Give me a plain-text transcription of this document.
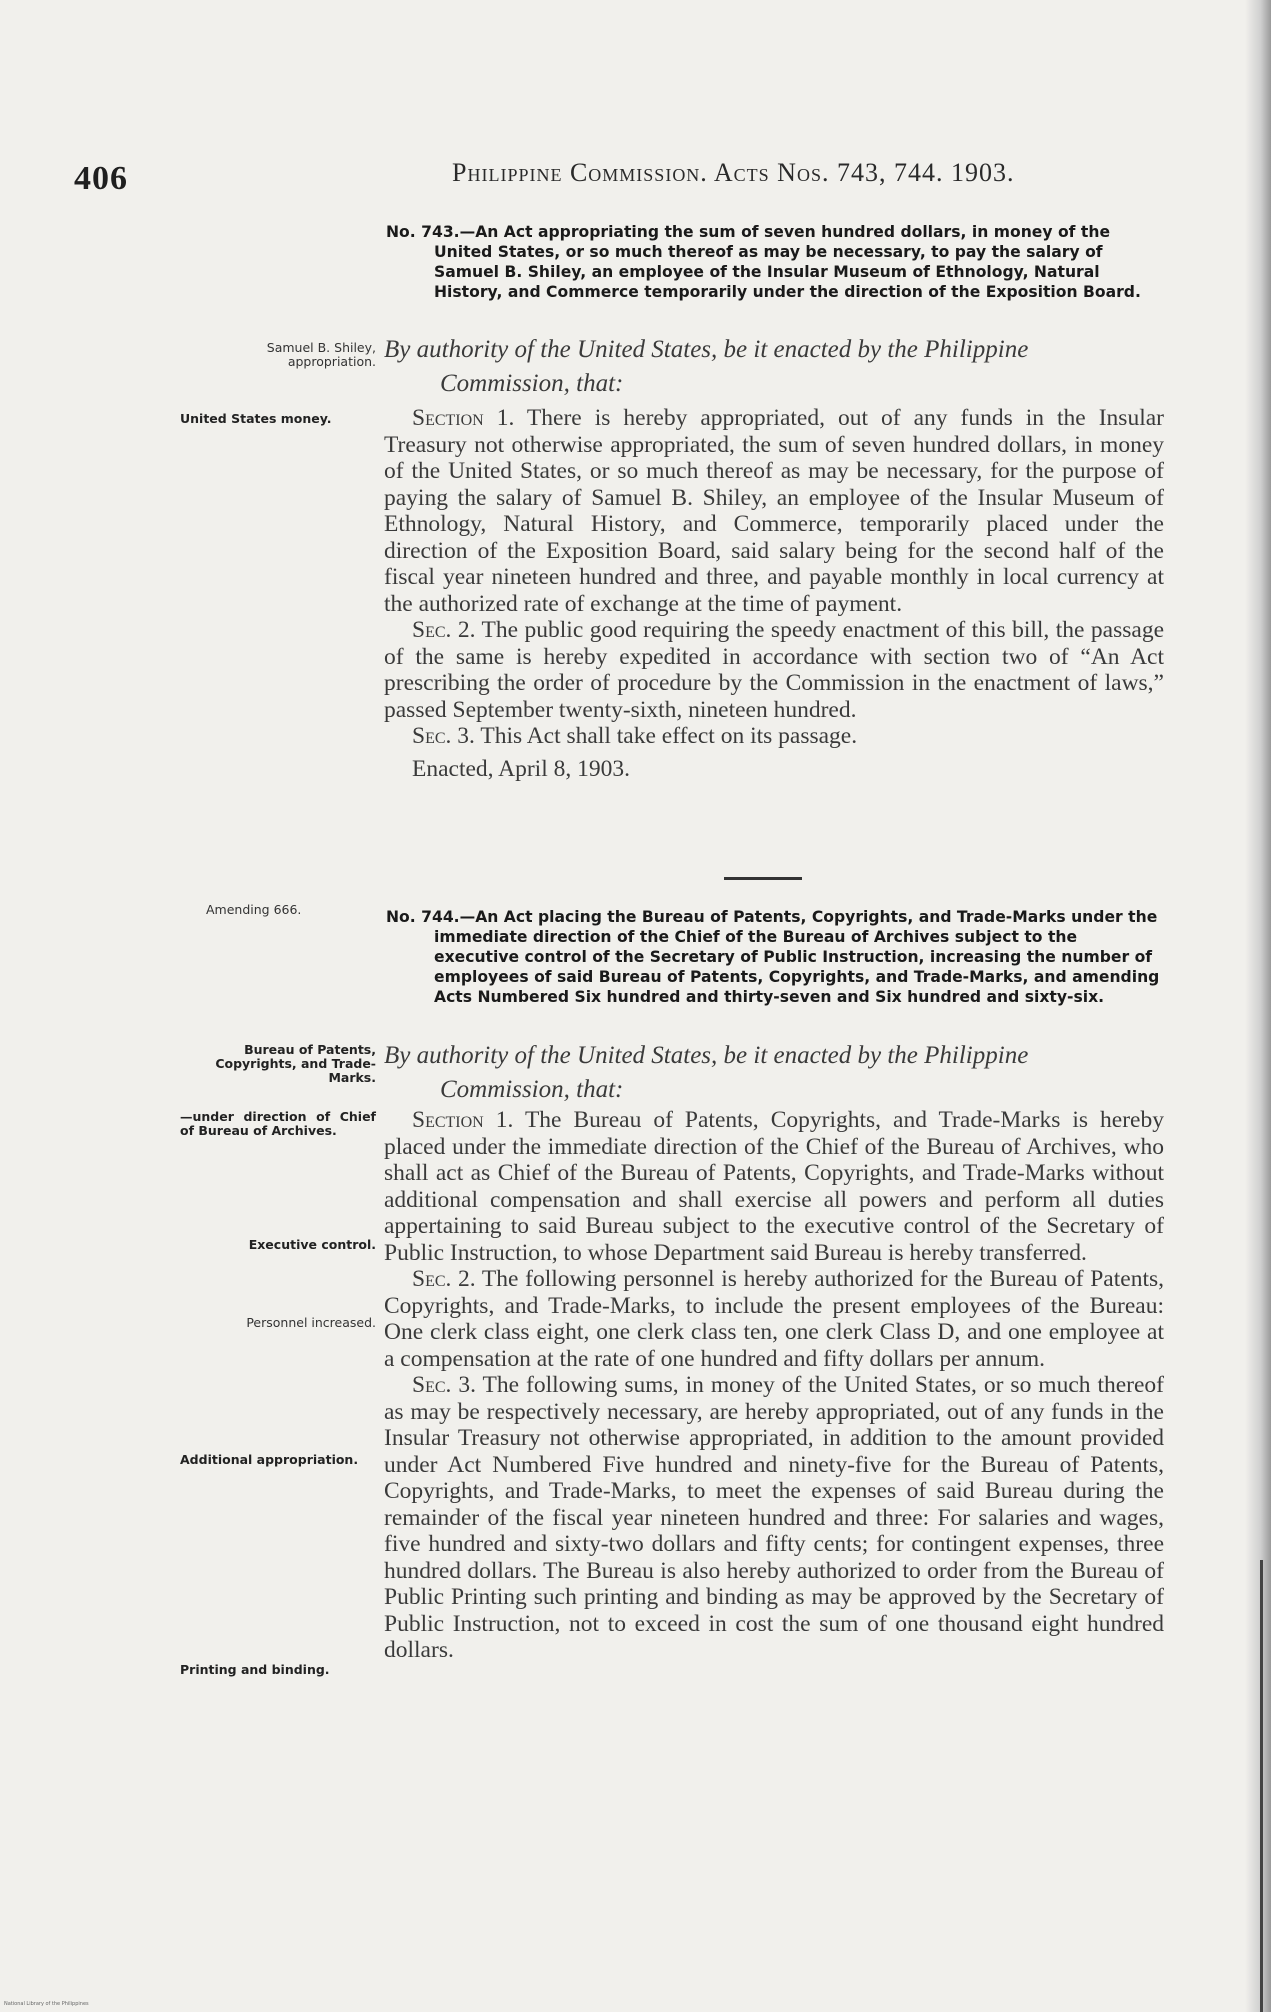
406	Philippine Commission. Acts Nos. 743, 744. 1903.
No. 743.—An Act appropriating the sum of seven hundred dollars, in money of the United States, or so much thereof as may be necessary, to pay the salary of Samuel B. Shiley, an employee of the Insular Museum of Ethnology, Natural History, and Commerce temporarily under the direction of the Exposition Board.
Samuel B. Shiley, appropriation. By authority of the United States, be it enacted by the Philippine
Commission, that:
United States money.	Section 1. There is hereby appropriated, out of any funds in the Insular Treasury not otherwise appropriated, the sum of seven hundred dollars, in money of the United States, or so much thereof as may be necessary, for the purpose of paying the salary of Samuel B. Shiley, an employee of the Insular Museum of Ethnology, Natural History, and Commerce, temporarily placed under the direction of the Exposition Board, said salary being for the second half of the fiscal year nineteen hundred and three, and payable monthly in local currency at the authorized rate of exchange at the time of payment.

Sec. 2. The public good requiring the speedy enactment of this bill, the passage of the same is hereby expedited in accordance with section two of “An Act prescribing the order of procedure by the Commission in the enactment of laws,” passed September twenty-sixth, nineteen hundred.

Sec. 3. This Act shall take effect on its passage.

Enacted, April 8, 1903.

Amending 666.	No. 744.—An Act placing the Bureau of Patents, Copyrights, and Trade-Marks under the immediate direction of the Chief of the Bureau of Archives subject to the executive control of the Secretary of Public Instruction, increasing the number of employees of said Bureau of Patents, Copyrights, and Trade-Marks, and amending Acts Numbered Six hundred and thirty-seven and Six hundred and sixty-six.
Bureau of Patents, Copyrights, and Trade-Marks.
By authority of the United States, be it enacted by the Philippine
Commission, that:
—under direction of Chief of Bureau of Archives.
Executive control.
Personnel increased.
Additional appropriation.
Printing and binding.

Section 1. The Bureau of Patents, Copyrights, and Trade-Marks is hereby placed under the immediate direction of the Chief of the Bureau of Archives, who shall act as Chief of the Bureau of Patents, Copyrights, and Trade-Marks without additional compensation and shall exercise all powers and perform all duties appertaining to said Bureau subject to the executive control of the Secretary of Public Instruction, to whose Department said Bureau is hereby transferred.

Sec. 2. The following personnel is hereby authorized for the Bureau of Patents, Copyrights, and Trade-Marks, to include the present employees of the Bureau: One clerk class eight, one clerk class ten, one clerk Class D, and one employee at a compensation at the rate of one hundred and fifty dollars per annum.

Sec. 3. The following sums, in money of the United States, or so much thereof as may be respectively necessary, are hereby appropriated, out of any funds in the Insular Treasury not otherwise appropriated, in addition to the amount provided under Act Numbered Five hundred and ninety-five for the Bureau of Patents, Copyrights, and Trade-Marks, to meet the expenses of said Bureau during the remainder of the fiscal year nineteen hundred and three: For salaries and wages, five hundred and sixty-two dollars and fifty cents; for contingent expenses, three hundred dollars. The Bureau is also hereby authorized to order from the Bureau of Public Printing such printing and binding as may be approved by the Secretary of Public Instruction, not to exceed in cost the sum of one thousand eight hundred dollars.

National Library of the Philippines
